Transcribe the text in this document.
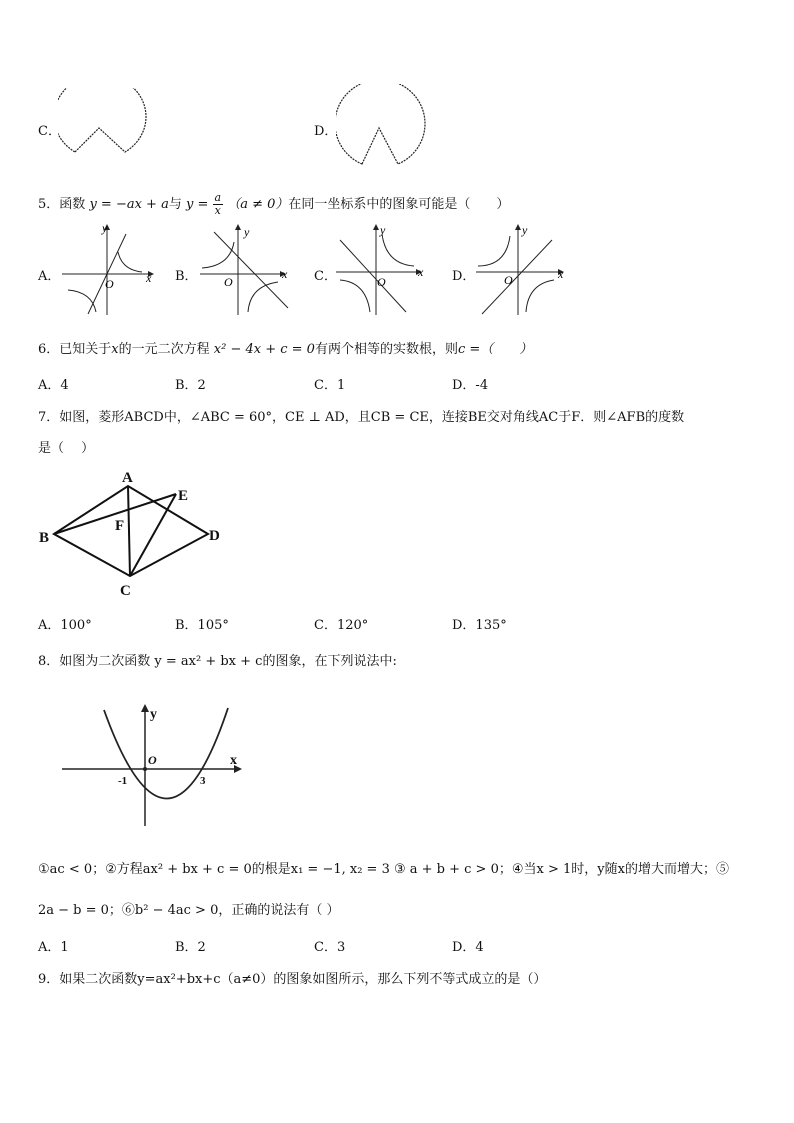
C．	D．
5．函数 y = −ax + a与 $y = \frac{a}{x} (a \ne 0)$在同一坐标系中的图象可能是（　　）
A．	x
y
O	B．	x
y
O	C．	x
y
O	D．	x
y
O
6．已知关于x的一元二次方程 x² − 4x + c = 0有两个相等的实数根，则c =（　　）
A．4	B．2	C．1	D．-4
7．如图，菱形ABCD中，∠ABC = 60°，CE ⊥ AD，且CB = CE，连接BE交对角线AC于F．则∠AFB的度数
是（　 ）
A
B
C
D
E
F
A．100°	B．105°	C．120°	D．135°
8．如图为二次函数 y = ax² + bx + c的图象，在下列说法中:
y
x
O
-1	3
①ac < 0；②方程ax² + bx + c = 0的根是x₁ = −1, x₂ = 3 ③ a + b + c > 0；④当x > 1时，y随x的增大而增大；⑤
2a − b = 0；⑥b² − 4ac > 0，正确的说法有（ ）
A．1	B．2	C．3	D．4
9．如果二次函数y=ax²+bx+c（a≠0）的图象如图所示，那么下列不等式成立的是（）
